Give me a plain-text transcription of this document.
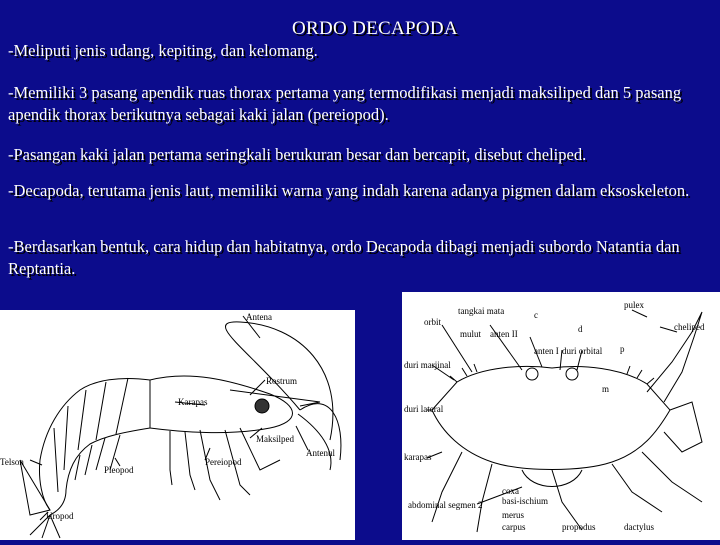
ORDO DECAPODA
-Meliputi jenis udang, kepiting, dan kelomang.
-Memiliki 3 pasang apendik ruas thorax pertama yang termodifikasi menjadi maksiliped dan 5 pasang apendik thorax berikutnya sebagai kaki jalan (pereiopod).
-Pasangan kaki jalan pertama seringkali berukuran besar dan bercapit, disebut cheliped.
-Decapoda, terutama jenis laut, memiliki warna yang indah karena adanya pigmen dalam eksoskeleton.
-Berdasarkan bentuk, cara hidup dan habitatnya, ordo Decapoda dibagi menjadi subordo Natantia dan Reptantia.
Antena
Rostrum
Karapas
Maksilped
Antenul
Telson
Pleopod
Pereiopod
Uropod
tangkai mata
mulut anten II
anten I duri orbital
orbit
pulex
cheliped
d
c
p
m
duri marjinal
duri lateral
karapas
abdominal segmen 2
coxa
basi-ischium
merus
carpus	propodus	dactylus
